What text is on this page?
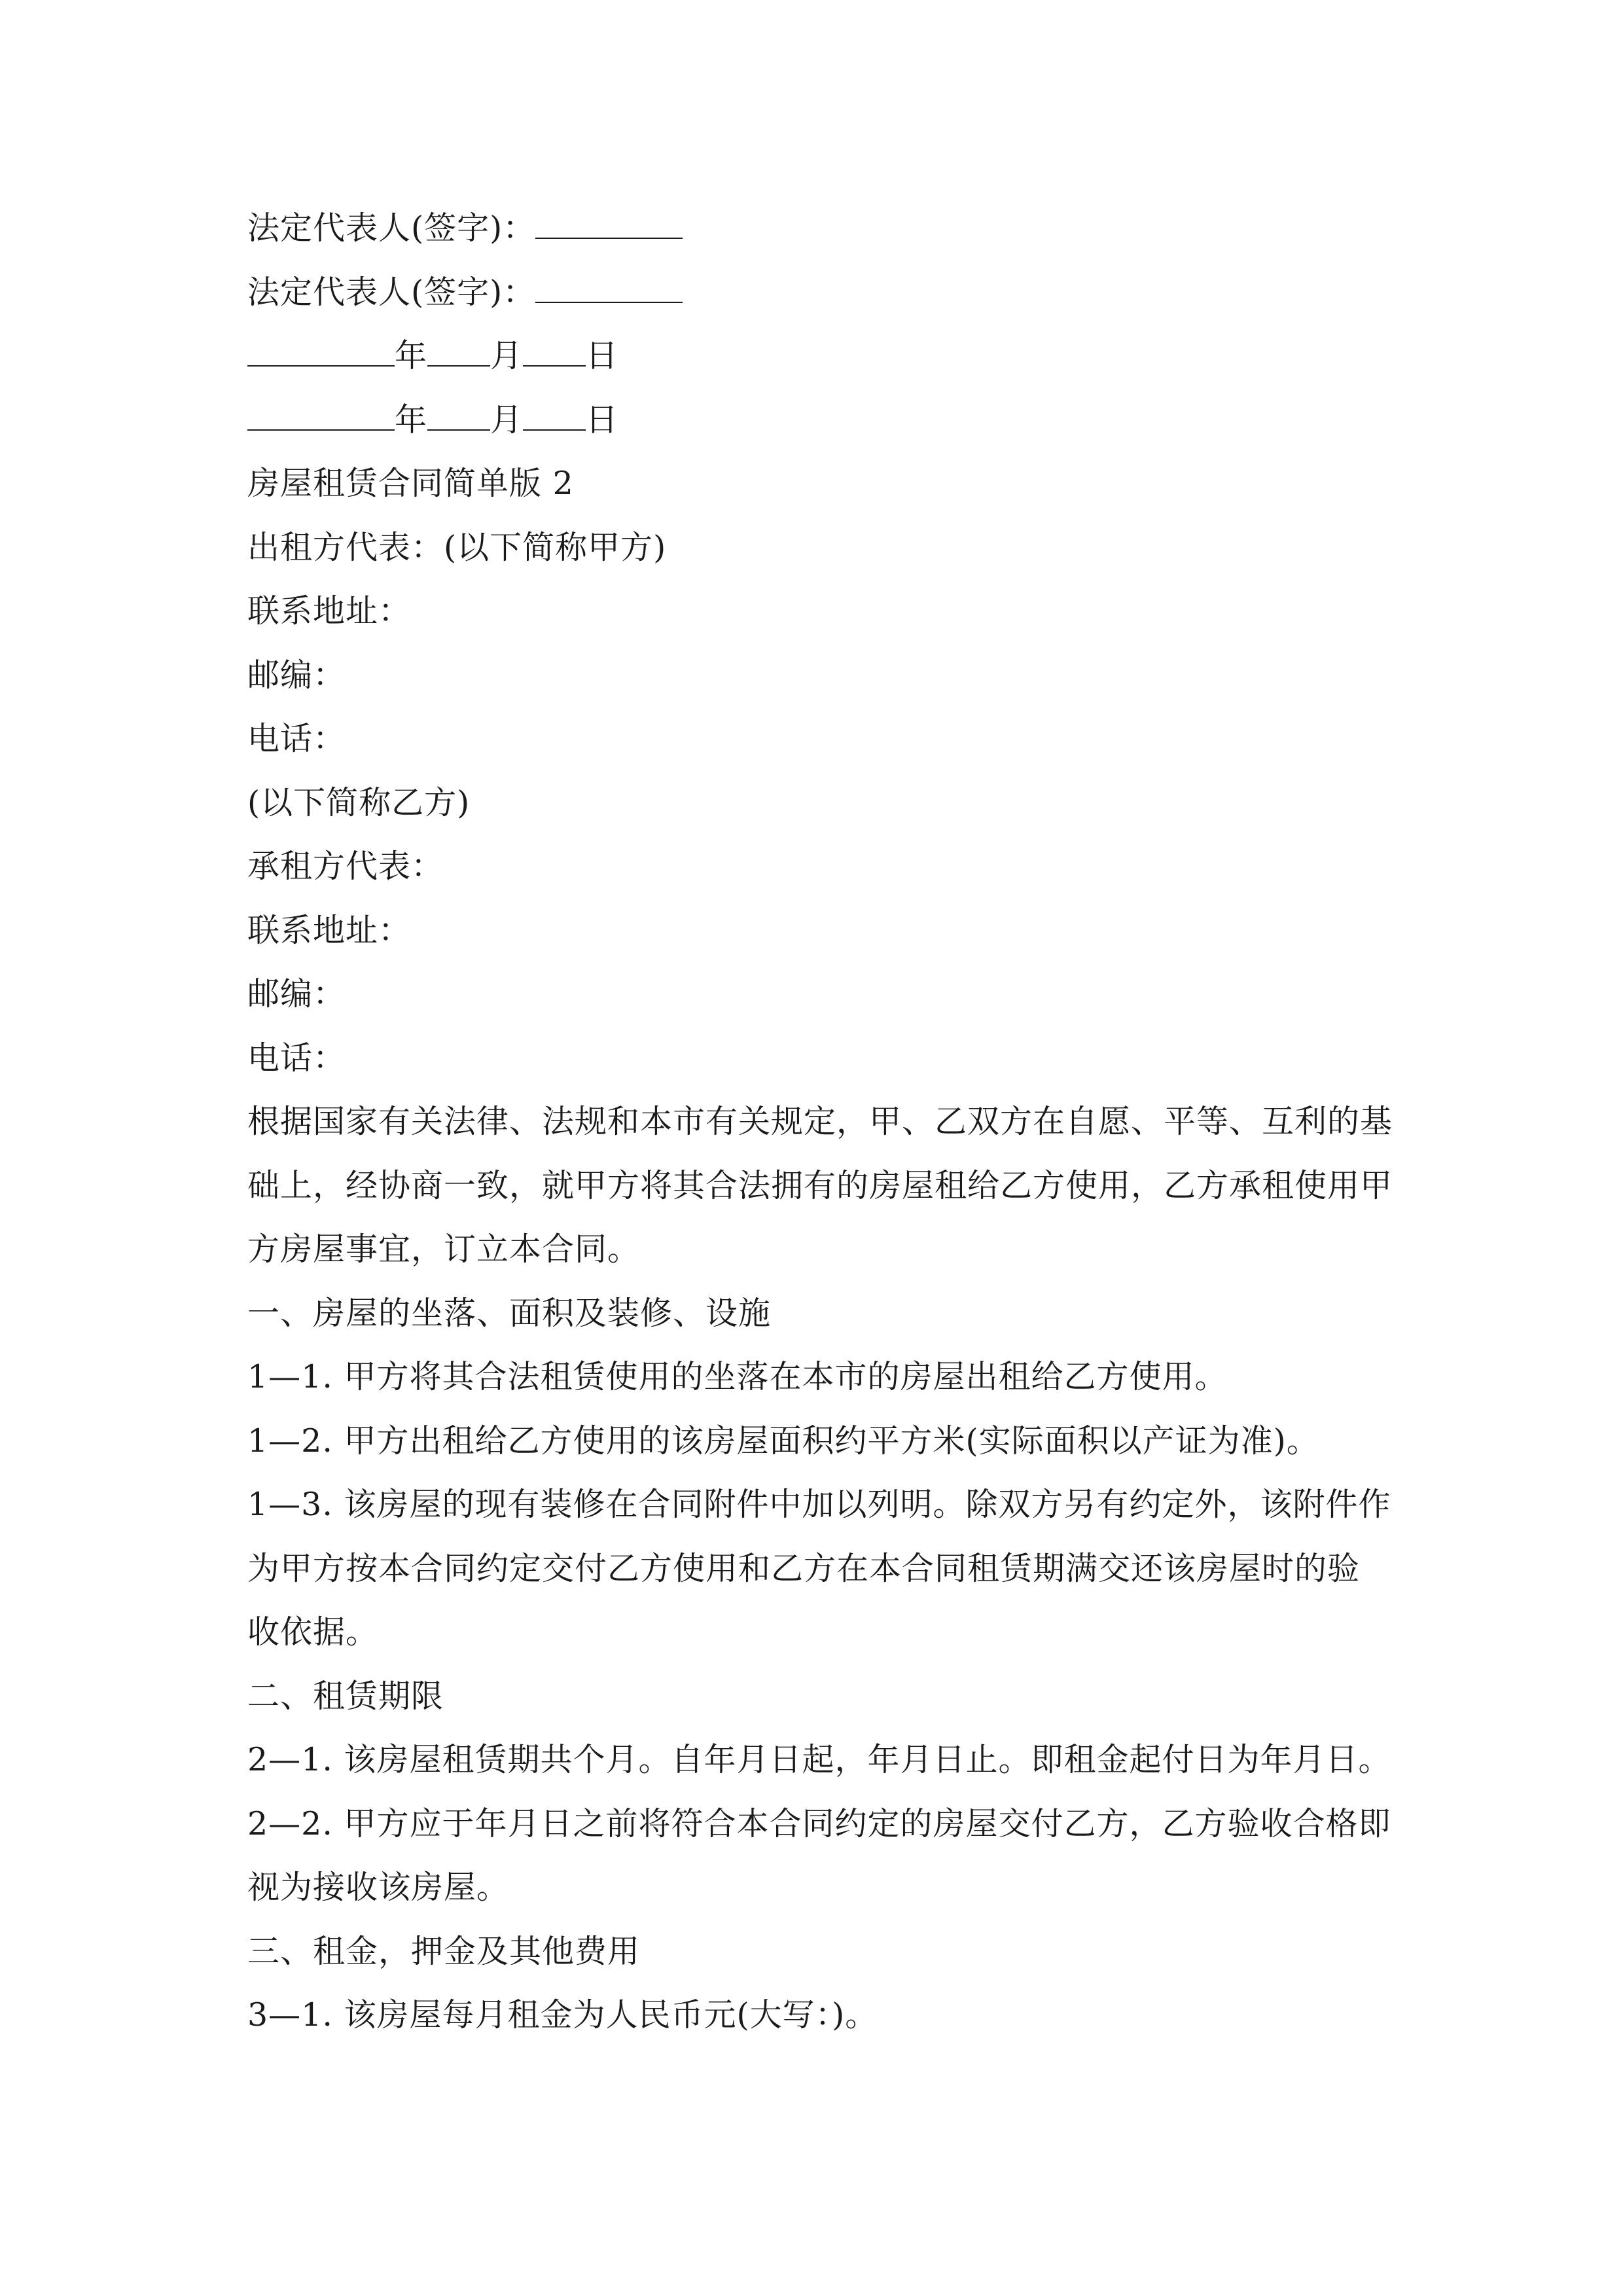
法定代表人(签字)：
法定代表人(签字)：
年 月 日
年 月 日
房屋租赁合同简单版 2
出租方代表：(以下简称甲方)
联系地址：
邮编：
电话：
(以下简称乙方)
承租方代表：
联系地址：
邮编：
电话：
根据国家有关法律、法规和本市有关规定，甲、乙双方在自愿、平等、互利的基
础上，经协商一致，就甲方将其合法拥有的房屋租给乙方使用，乙方承租使用甲
方房屋事宜，订立本合同。
一、房屋的坐落、面积及装修、设施
1—1. 甲方将其合法租赁使用的坐落在本市的房屋出租给乙方使用。
1—2. 甲方出租给乙方使用的该房屋面积约平方米(实际面积以产证为准)。
1—3. 该房屋的现有装修在合同附件中加以列明。除双方另有约定外，该附件作
为甲方按本合同约定交付乙方使用和乙方在本合同租赁期满交还该房屋时的验
收依据。
二、租赁期限
2—1. 该房屋租赁期共个月。自年月日起，年月日止。即租金起付日为年月日。
2—2. 甲方应于年月日之前将符合本合同约定的房屋交付乙方，乙方验收合格即
视为接收该房屋。
三、租金，押金及其他费用
3—1. 该房屋每月租金为人民币元(大写：)。
